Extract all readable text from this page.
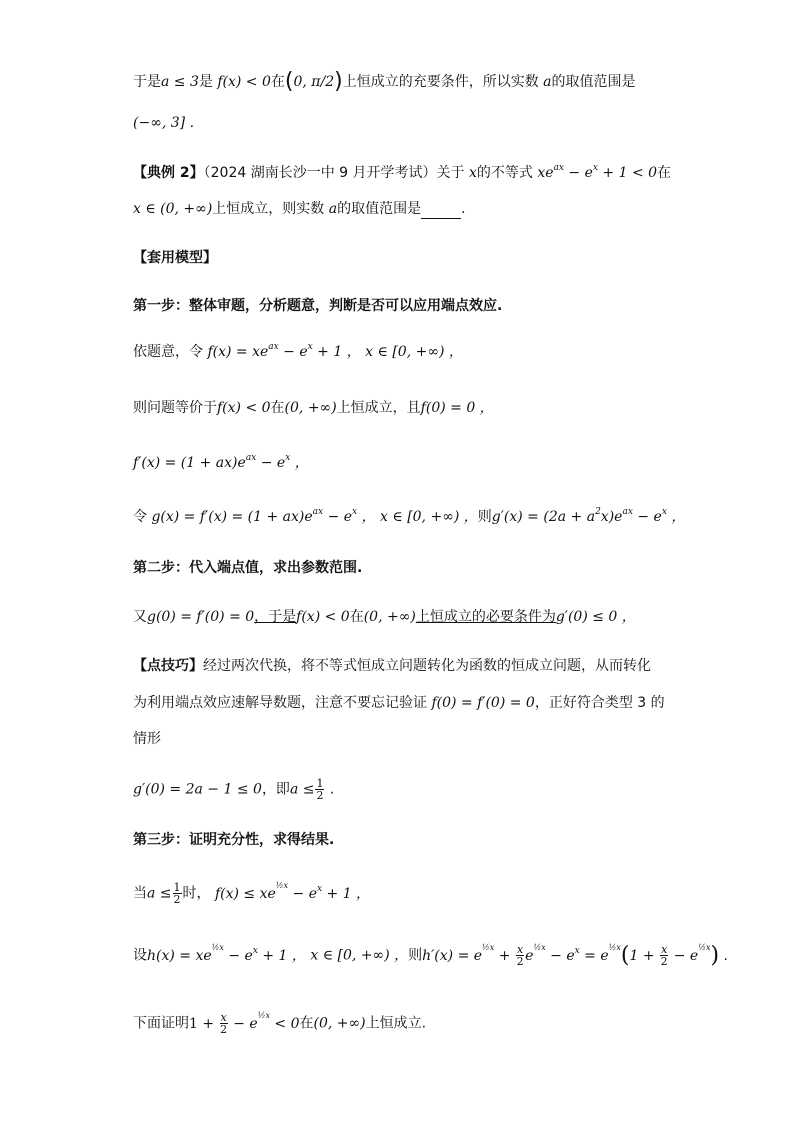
于是a ≤ 3是 f(x) < 0在(0, π/2)上恒成立的充要条件，所以实数 a的取值范围是
(−∞, 3] .
【典例 2】（2024 湖南长沙一中 9 月开学考试）关于 x的不等式 $xe^{ax} - e^x + 1 < 0$在
x ∈ (0, +∞)上恒成立，则实数 a的取值范围是	.
【套用模型】
第一步：整体审题，分析题意，判断是否可以应用端点效应.
依题意，令 $f(x) = xe^{ax} - e^x + 1$ ， x ∈ [0, +∞) ，
则问题等价于f(x) < 0在(0, +∞)上恒成立，且f(0) = 0 ，
$f'(x) = (1 + ax)e^{ax} - e^x$ ，
令 $g(x) = f'(x) = (1 + ax)e^{ax} - e^x$ ， x ∈ [0, +∞) ，则$g'(x) = (2a + a^2x)e^{ax} - e^x$ ，
第二步：代入端点值，求出参数范围.
又g(0) = f′(0) = 0，于是f(x) < 0在(0, +∞)上恒成立的必要条件为g′(0) ≤ 0 ，
【点技巧】经过两次代换，将不等式恒成立问题转化为函数的恒成立问题，从而转化
为利用端点效应速解导数题，注意不要忘记验证 f(0) = f′(0) = 0，正好符合类型 3 的
情形
g′(0) = 2a − 1 ≤ 0，即$a \le \frac{1}{2}$ .
第三步：证明充分性，求得结果.
当$a \le \frac{1}{2}$ 时， $f(x) \le xe^{\frac{1}{2}x} - e^x + 1$ ，
设$h(x) = xe^{\frac{1}{2}x} - e^x + 1$ ， x ∈ [0, +∞) ，则$h'(x) = e^{\frac{1}{2}x} + \frac{x}{2} e^{\frac{1}{2}x} - e^x = e^{\frac{1}{2}x}(1 + \frac{x}{2} - e^{\frac{1}{2}x})$ .
下面证明$1 + \frac{x}{2} - e^{\frac{1}{2}x} < 0$在(0, +∞)上恒成立.
